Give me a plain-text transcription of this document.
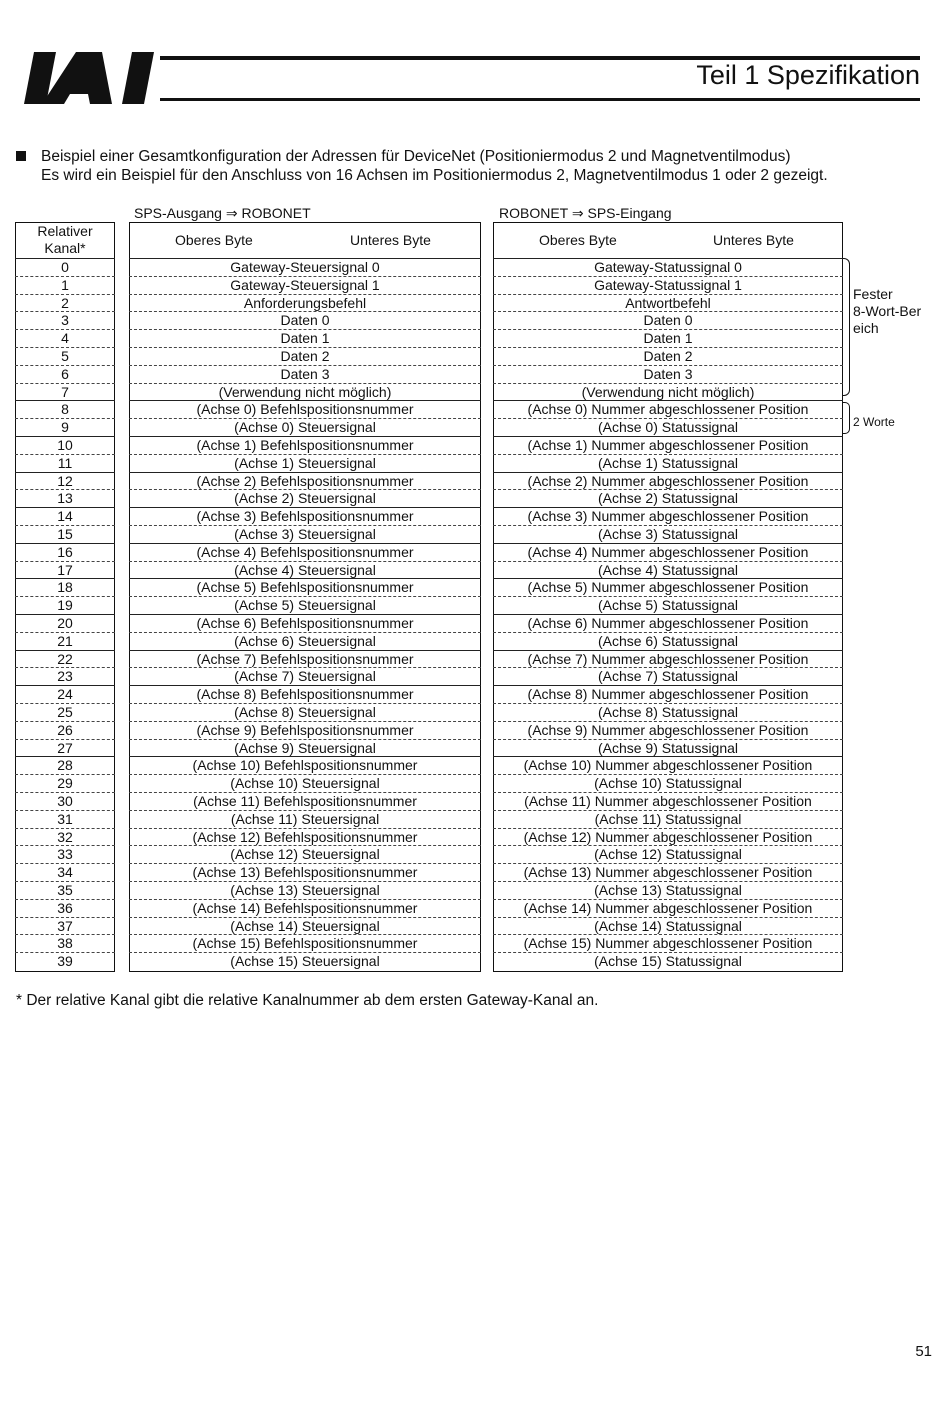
Teil 1 Spezifikation
Beispiel einer Gesamtkonfiguration der Adressen für DeviceNet (Positioniermodus 2 und Magnetventilmodus)
Es wird ein Beispiel für den Anschluss von 16 Achsen im Positioniermodus 2, Magnetventilmodus 1 oder 2 gezeigt.
SPS-Ausgang ⇒ ROBONET	ROBONET ⇒ SPS-Eingang
Relativer
Kanal*	Oberes Byte	Unteres Byte	Oberes Byte	Unteres Byte
0	Gateway-Steuersignal 0	Gateway-Statussignal 0
1	Gateway-Steuersignal 1	Gateway-Statussignal 1
2	Anforderungsbefehl	Antwortbefehl
3	Daten 0	Daten 0
4	Daten 1	Daten 1
5	Daten 2	Daten 2
6	Daten 3	Daten 3
7	(Verwendung nicht möglich)	(Verwendung nicht möglich)
8	(Achse 0) Befehlspositionsnummer	(Achse 0) Nummer abgeschlossener Position
9	(Achse 0) Steuersignal	(Achse 0) Statussignal
10	(Achse 1) Befehlspositionsnummer	(Achse 1) Nummer abgeschlossener Position
11	(Achse 1) Steuersignal	(Achse 1) Statussignal
12	(Achse 2) Befehlspositionsnummer	(Achse 2) Nummer abgeschlossener Position
13	(Achse 2) Steuersignal	(Achse 2) Statussignal
14	(Achse 3) Befehlspositionsnummer	(Achse 3) Nummer abgeschlossener Position
15	(Achse 3) Steuersignal	(Achse 3) Statussignal
16	(Achse 4) Befehlspositionsnummer	(Achse 4) Nummer abgeschlossener Position
17	(Achse 4) Steuersignal	(Achse 4) Statussignal
18	(Achse 5) Befehlspositionsnummer	(Achse 5) Nummer abgeschlossener Position
19	(Achse 5) Steuersignal	(Achse 5) Statussignal
20	(Achse 6) Befehlspositionsnummer	(Achse 6) Nummer abgeschlossener Position
21	(Achse 6) Steuersignal	(Achse 6) Statussignal
22	(Achse 7) Befehlspositionsnummer	(Achse 7) Nummer abgeschlossener Position
23	(Achse 7) Steuersignal	(Achse 7) Statussignal
24	(Achse 8) Befehlspositionsnummer	(Achse 8) Nummer abgeschlossener Position
25	(Achse 8) Steuersignal	(Achse 8) Statussignal
26	(Achse 9) Befehlspositionsnummer	(Achse 9) Nummer abgeschlossener Position
27	(Achse 9) Steuersignal	(Achse 9) Statussignal
28	(Achse 10) Befehlspositionsnummer	(Achse 10) Nummer abgeschlossener Position
29	(Achse 10) Steuersignal	(Achse 10) Statussignal
30	(Achse 11) Befehlspositionsnummer	(Achse 11) Nummer abgeschlossener Position
31	(Achse 11) Steuersignal	(Achse 11) Statussignal
32	(Achse 12) Befehlspositionsnummer	(Achse 12) Nummer abgeschlossener Position
33	(Achse 12) Steuersignal	(Achse 12) Statussignal
34	(Achse 13) Befehlspositionsnummer	(Achse 13) Nummer abgeschlossener Position
35	(Achse 13) Steuersignal	(Achse 13) Statussignal
36	(Achse 14) Befehlspositionsnummer	(Achse 14) Nummer abgeschlossener Position
37	(Achse 14) Steuersignal	(Achse 14) Statussignal
38	(Achse 15) Befehlspositionsnummer	(Achse 15) Nummer abgeschlossener Position
39	(Achse 15) Steuersignal	(Achse 15) Statussignal
Fester
8-Wort-Ber
eich
2 Worte
* Der relative Kanal gibt die relative Kanalnummer ab dem ersten Gateway-Kanal an.
51
